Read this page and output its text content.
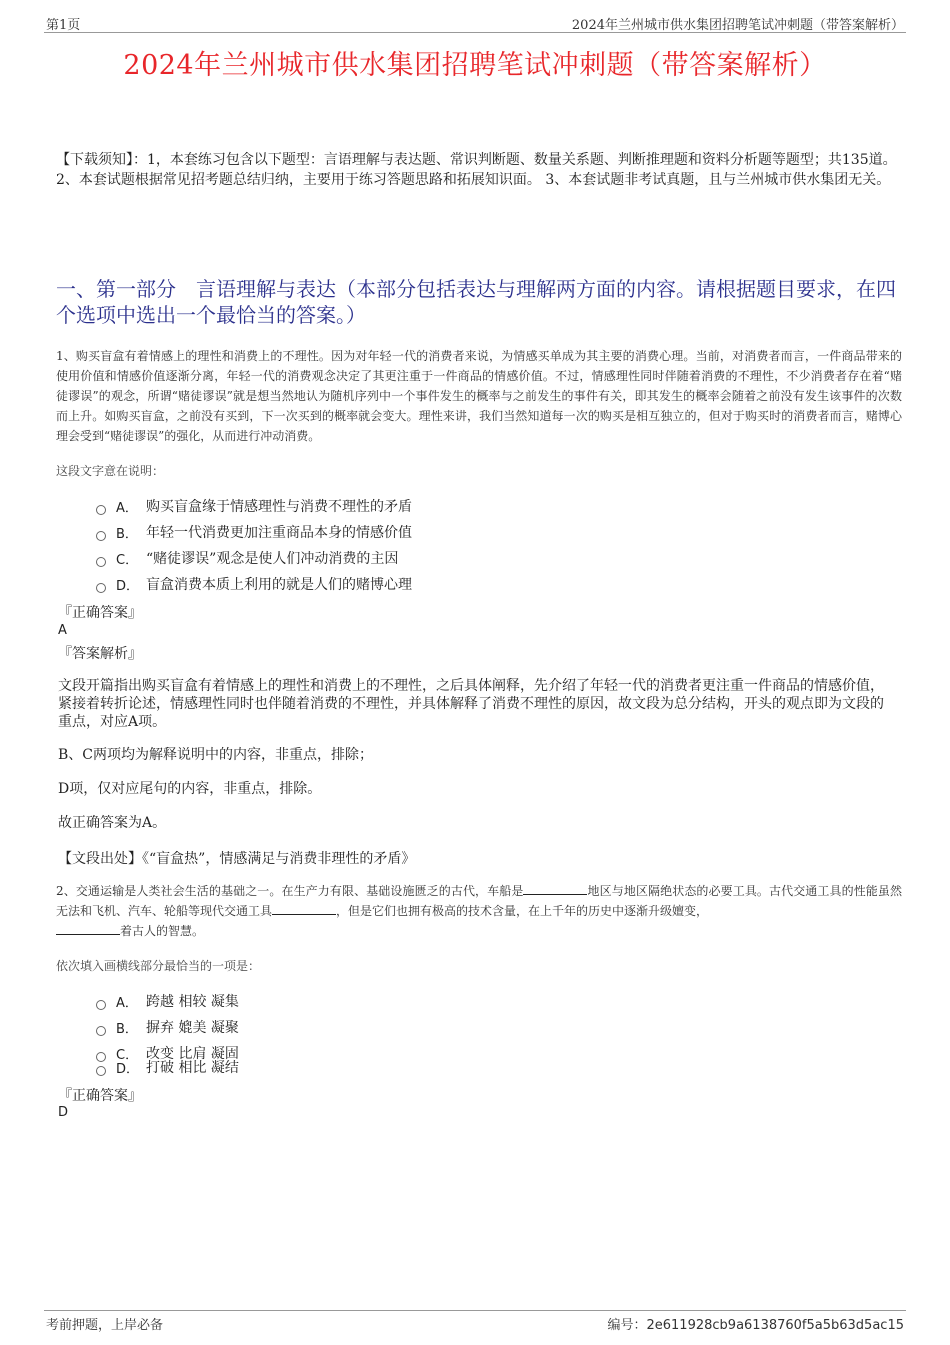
第1页	2024年兰州城市供水集团招聘笔试冲刺题（带答案解析）
2024年兰州城市供水集团招聘笔试冲刺题（带答案解析）
【下载须知】：1，本套练习包含以下题型：言语理解与表达题、常识判断题、数量关系题、判断推理题和资料分析题等题型；共135道。 2、本套试题根据常见招考题总结归纳，主要用于练习答题思路和拓展知识面。 3、本套试题非考试真题，且与兰州城市供水集团无关。
一、第一部分　言语理解与表达（本部分包括表达与理解两方面的内容。请根据题目要求，在四个选项中选出一个最恰当的答案。）
1、购买盲盒有着情感上的理性和消费上的不理性。因为对年轻一代的消费者来说，为情感买单成为其主要的消费心理。当前，对消费者而言，一件商品带来的使用价值和情感价值逐渐分离，年轻一代的消费观念决定了其更注重于一件商品的情感价值。不过，情感理性同时伴随着消费的不理性，不少消费者存在着“赌徒谬误”的观念，所谓“赌徒谬误”就是想当然地认为随机序列中一个事件发生的概率与之前发生的事件有关，即其发生的概率会随着之前没有发生该事件的次数而上升。如购买盲盒，之前没有买到，下一次买到的概率就会变大。理性来讲，我们当然知道每一次的购买是相互独立的，但对于购买时的消费者而言，赌博心理会受到“赌徒谬误”的强化，从而进行冲动消费。
这段文字意在说明：
A． 购买盲盒缘于情感理性与消费不理性的矛盾
B． 年轻一代消费更加注重商品本身的情感价值
C． “赌徒谬误”观念是使人们冲动消费的主因
D． 盲盒消费本质上利用的就是人们的赌博心理
『正确答案』
A
『答案解析』
文段开篇指出购买盲盒有着情感上的理性和消费上的不理性，之后具体阐释，先介绍了年轻一代的消费者更注重一件商品的情感价值，紧接着转折论述，情感理性同时也伴随着消费的不理性，并具体解释了消费不理性的原因，故文段为总分结构，开头的观点即为文段的重点，对应A项。
B、C两项均为解释说明中的内容，非重点，排除；
D项，仅对应尾句的内容，非重点，排除。
故正确答案为A。
【文段出处】《“盲盒热”，情感满足与消费非理性的矛盾》
2、交通运输是人类社会生活的基础之一。在生产力有限、基础设施匮乏的古代，车船是	地区与地区隔绝状态的必要工具。古代交通工具的性能虽然无法和飞机、汽车、轮船等现代交通工具	，但是它们也拥有极高的技术含量，在上千年的历史中逐渐升级嬗变，
着古人的智慧。
依次填入画横线部分最恰当的一项是：
A． 跨越 相较 凝集
B． 摒弃 媲美 凝聚
C． 改变 比肩 凝固
D． 打破 相比 凝结
『正确答案』
D
考前押题，上岸必备	编号：2e611928cb9a6138760f5a5b63d5ac15
